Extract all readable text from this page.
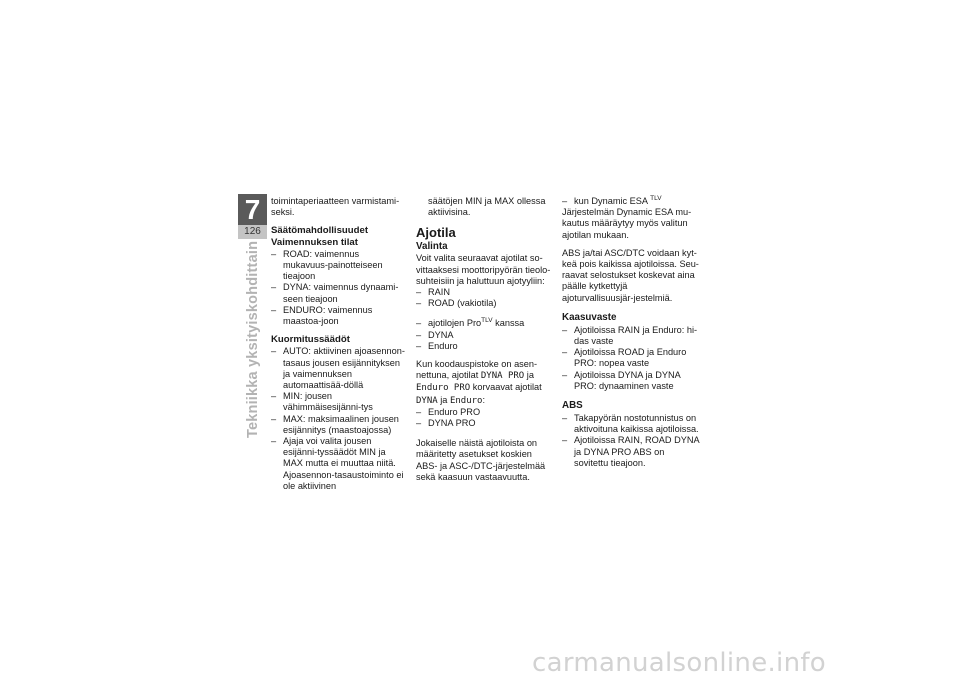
7
126
Tekniikka yksityiskohdittain

toimintaperiaatteen varmistami-seksi.

Säätömahdollisuudet
Vaimennuksen tilat
– ROAD: vaimennus mukavuus-painotteiseen tieajoon
– DYNA: vaimennus dynaami-seen tieajoon
– ENDURO: vaimennus maastoa-joon
Kuormitussäädöt
– AUTO: aktiivinen ajoasennon-tasaus jousen esijännityksen ja vaimennuksen automaattisää-döllä
– MIN: jousen vähimmäisesijänni-tys
– MAX: maksimaalinen jousen esijännitys (maastoajossa)
– Ajaja voi valita jousen esijänni-tyssäädöt MIN ja MAX mutta ei muuttaa niitä. Ajoasennon-tasaustoiminto ei ole aktiivinen

säätöjen MIN ja MAX ollessa aktiivisina.

Ajotila
Valinta

Voit valita seuraavat ajotilat so-vittaaksesi moottoripyörän tieolo-suhteisiin ja haluttuun ajotyyliin:

– RAIN
– ROAD (vakiotila)
– ajotilojen Pro$^{TLV}$ kanssa
– DYNA
– Enduro

Kun koodauspistoke on asen-nettuna, ajotilat DYNA PRO ja Enduro PRO korvaavat ajotilat DYNA ja Enduro:

– Enduro PRO
– DYNA PRO

Jokaiselle näistä ajotiloista on määritetty asetukset koskien ABS- ja ASC-/DTC-järjestelmää sekä kaasuun vastaavuutta.

– kun Dynamic ESA $^{TLV}$

Järjestelmän Dynamic ESA mu-kautus määräytyy myös valitun ajotilan mukaan.

ABS ja/tai ASC/DTC voidaan kyt-keä pois kaikissa ajotiloissa. Seu-raavat selostukset koskevat aina päälle kytkettyjä ajoturvallisuusjär-jestelmiä.

Kaasuvaste
– Ajotiloissa RAIN ja Enduro: hi-das vaste
– Ajotiloissa ROAD ja Enduro PRO: nopea vaste
– Ajotiloissa DYNA ja DYNA PRO: dynaaminen vaste
ABS
– Takapyörän nostotunnistus on aktivoituna kaikissa ajotiloissa.
– Ajotiloissa RAIN, ROAD DYNA ja DYNA PRO ABS on sovitettu tieajoon.
carmanualsonline.info
